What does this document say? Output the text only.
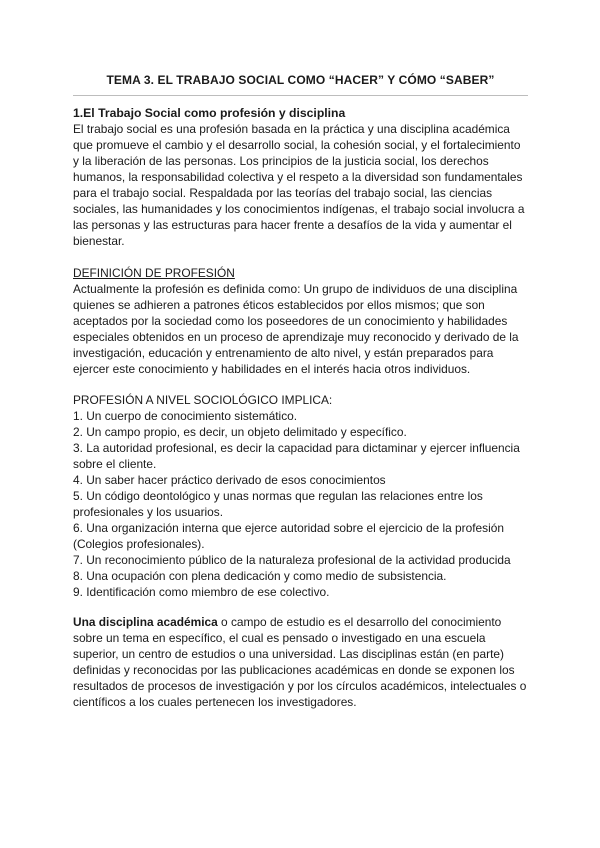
TEMA 3. EL TRABAJO SOCIAL COMO “HACER” Y CÓMO “SABER”
1.El Trabajo Social como profesión y disciplina

El trabajo social es una profesión basada en la práctica y una disciplina académica que promueve el cambio y el desarrollo social, la cohesión social, y el fortalecimiento y la liberación de las personas. Los principios de la justicia social, los derechos humanos, la responsabilidad colectiva y el respeto a la diversidad son fundamentales para el trabajo social. Respaldada por las teorías del trabajo social, las ciencias sociales, las humanidades y los conocimientos indígenas, el trabajo social involucra a las personas y las estructuras para hacer frente a desafíos de la vida y aumentar el bienestar.

DEFINICIÓN DE PROFESIÓN

Actualmente la profesión es definida como: Un grupo de individuos de una disciplina quienes se adhieren a patrones éticos establecidos por ellos mismos; que son aceptados por la sociedad como los poseedores de un conocimiento y habilidades especiales obtenidos en un proceso de aprendizaje muy reconocido y derivado de la investigación, educación y entrenamiento de alto nivel, y están preparados para ejercer este conocimiento y habilidades en el interés hacia otros individuos.

PROFESIÓN A NIVEL SOCIOLÓGICO IMPLICA:
1. Un cuerpo de conocimiento sistemático.
2. Un campo propio, es decir, un objeto delimitado y específico.
3. La autoridad profesional, es decir la capacidad para dictaminar y ejercer influencia sobre el cliente.
4. Un saber hacer práctico derivado de esos conocimientos
5. Un código deontológico y unas normas que regulan las relaciones entre los profesionales y los usuarios.
6. Una organización interna que ejerce autoridad sobre el ejercicio de la profesión (Colegios profesionales).
7. Un reconocimiento público de la naturaleza profesional de la actividad producida
8. Una ocupación con plena dedicación y como medio de subsistencia.
9. Identificación como miembro de ese colectivo.

Una disciplina académica o campo de estudio es el desarrollo del conocimiento sobre un tema en específico, el cual es pensado o investigado en una escuela superior, un centro de estudios o una universidad. Las disciplinas están (en parte) definidas y reconocidas por las publicaciones académicas en donde se exponen los resultados de procesos de investigación y por los círculos académicos, intelectuales o científicos a los cuales pertenecen los investigadores.
